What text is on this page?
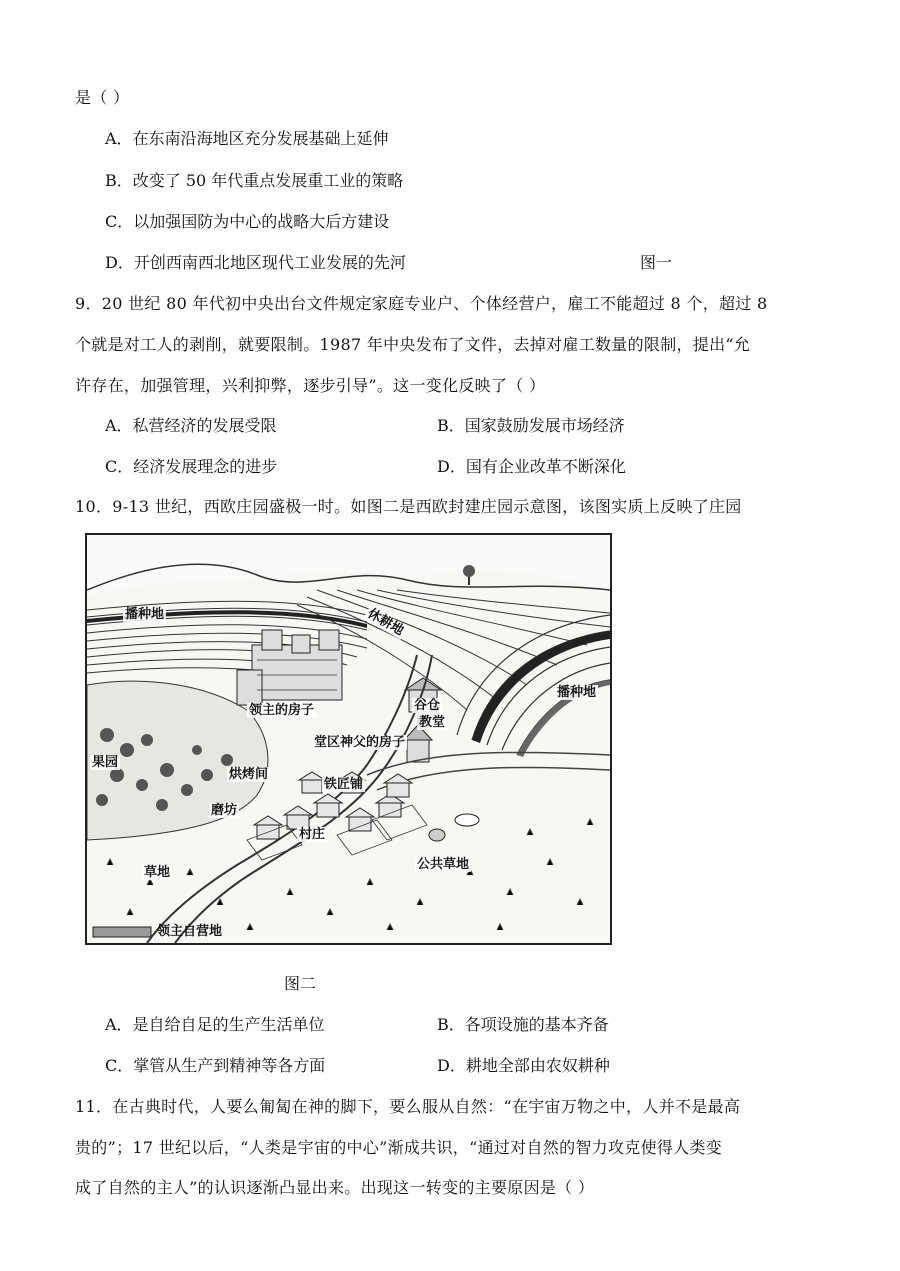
是（ ）
A．在东南沿海地区充分发展基础上延伸
B．改变了 50 年代重点发展重工业的策略
C．以加强国防为中心的战略大后方建设
D．开创西南西北地区现代工业发展的先河	图一
9．20 世纪 80 年代初中央出台文件规定家庭专业户、个体经营户，雇工不能超过 8 个，超过 8
个就是对工人的剥削，就要限制。1987 年中央发布了文件，去掉对雇工数量的限制，提出“允
许存在，加强管理，兴利抑弊，逐步引导”。这一变化反映了（ ）
A．私营经济的发展受限	B．国家鼓励发展市场经济
C．经济发展理念的进步	D．国有企业改革不断深化
10．9-13 世纪，西欧庄园盛极一时。如图二是西欧封建庄园示意图，该图实质上反映了庄园
播种地	休耕地
播种地
领主的房子	谷仓
教堂
堂区神父的房子
果园
烘烤间
铁匠铺
磨坊
村庄
草地
公共草地
领主自营地
图二
A．是自给自足的生产生活单位	B．各项设施的基本齐备
C．掌管从生产到精神等各方面	D．耕地全部由农奴耕种
11．在古典时代，人要么匍匐在神的脚下，要么服从自然：“在宇宙万物之中，人并不是最高
贵的”；17 世纪以后，“人类是宇宙的中心”渐成共识，“通过对自然的智力攻克使得人类变
成了自然的主人”的认识逐渐凸显出来。出现这一转变的主要原因是（ ）
